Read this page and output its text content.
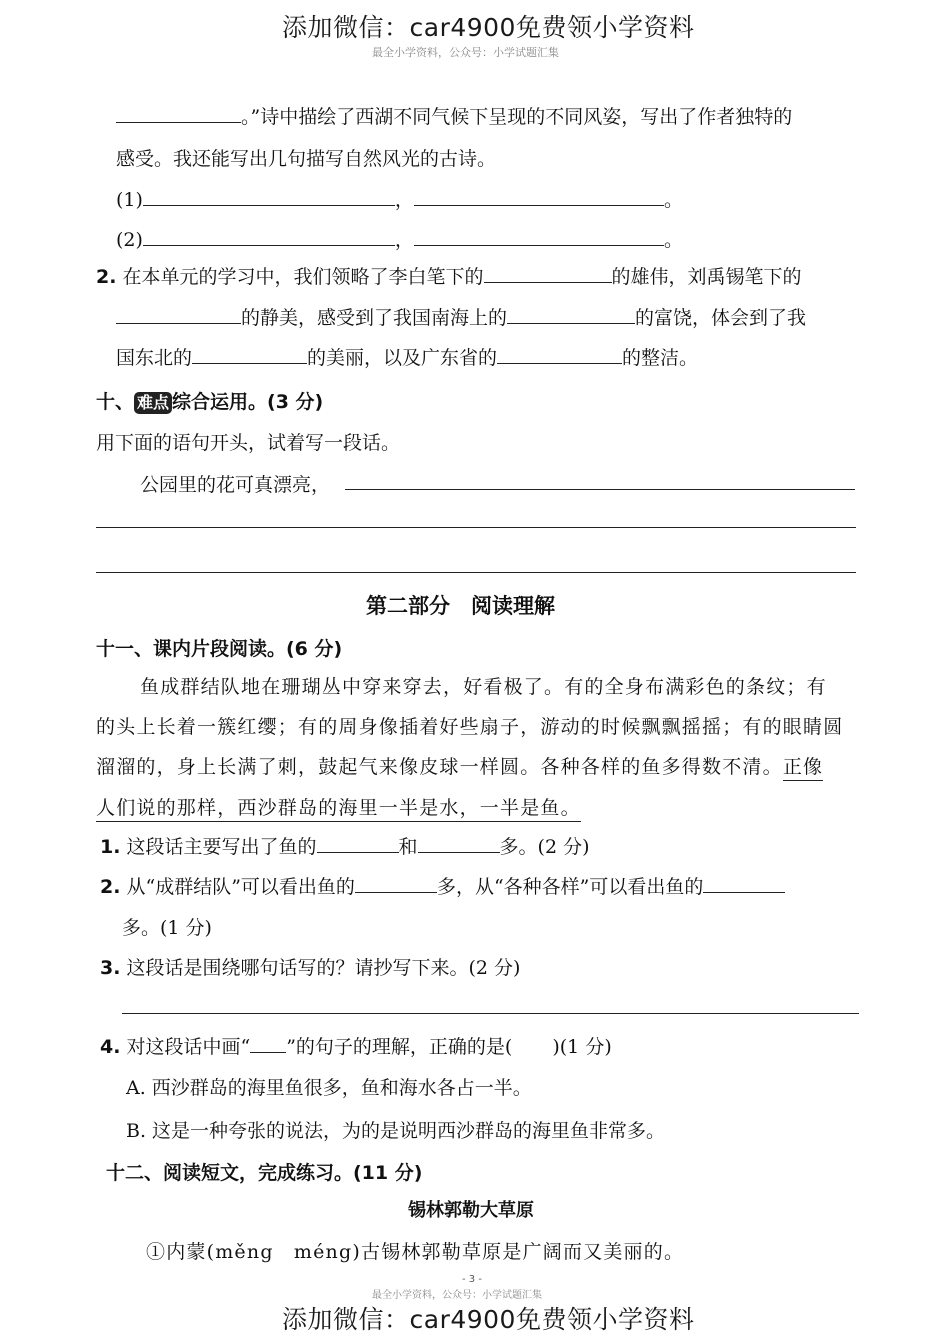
添加微信：car4900免费领小学资料
最全小学资料，公众号：小学试题汇集
。”诗中描绘了西湖不同气候下呈现的不同风姿，写出了作者独特的
感受。我还能写出几句描写自然风光的古诗。
(1)	，	。
(2)	，	。
2. 在本单元的学习中，我们领略了李白笔下的	的雄伟，刘禹锡笔下的
的静美，感受到了我国南海上的	的富饶，体会到了我
国东北的	的美丽，以及广东省的	的整洁。
十、 难点 综合运用。(3 分)
用下面的语句开头，试着写一段话。
公园里的花可真漂亮，
第二部分　阅读理解
十一、课内片段阅读。(6 分)
鱼成群结队地在珊瑚丛中穿来穿去，好看极了。有的全身布满彩色的条纹；有
的头上长着一簇红缨；有的周身像插着好些扇子，游动的时候飘飘摇摇；有的眼睛圆
溜溜的，身上长满了刺，鼓起气来像皮球一样圆。各种各样的鱼多得数不清。正像
人们说的那样，西沙群岛的海里一半是水，一半是鱼。
1. 这段话主要写出了鱼的	和	多。(2 分)
2. 从“成群结队”可以看出鱼的	多，从“各种各样”可以看出鱼的
多。(1 分)
3. 这段话是围绕哪句话写的？请抄写下来。(2 分)
4. 对这段话中画“ ”的句子的理解，正确的是( )(1 分)
A. 西沙群岛的海里鱼很多，鱼和海水各占一半。
B. 这是一种夸张的说法，为的是说明西沙群岛的海里鱼非常多。
十二、阅读短文，完成练习。(11 分)
锡林郭勒大草原
①内蒙(měng　méng)古锡林郭勒草原是广阔而又美丽的。
- 3 -
最全小学资料，公众号：小学试题汇集
添加微信：car4900免费领小学资料
